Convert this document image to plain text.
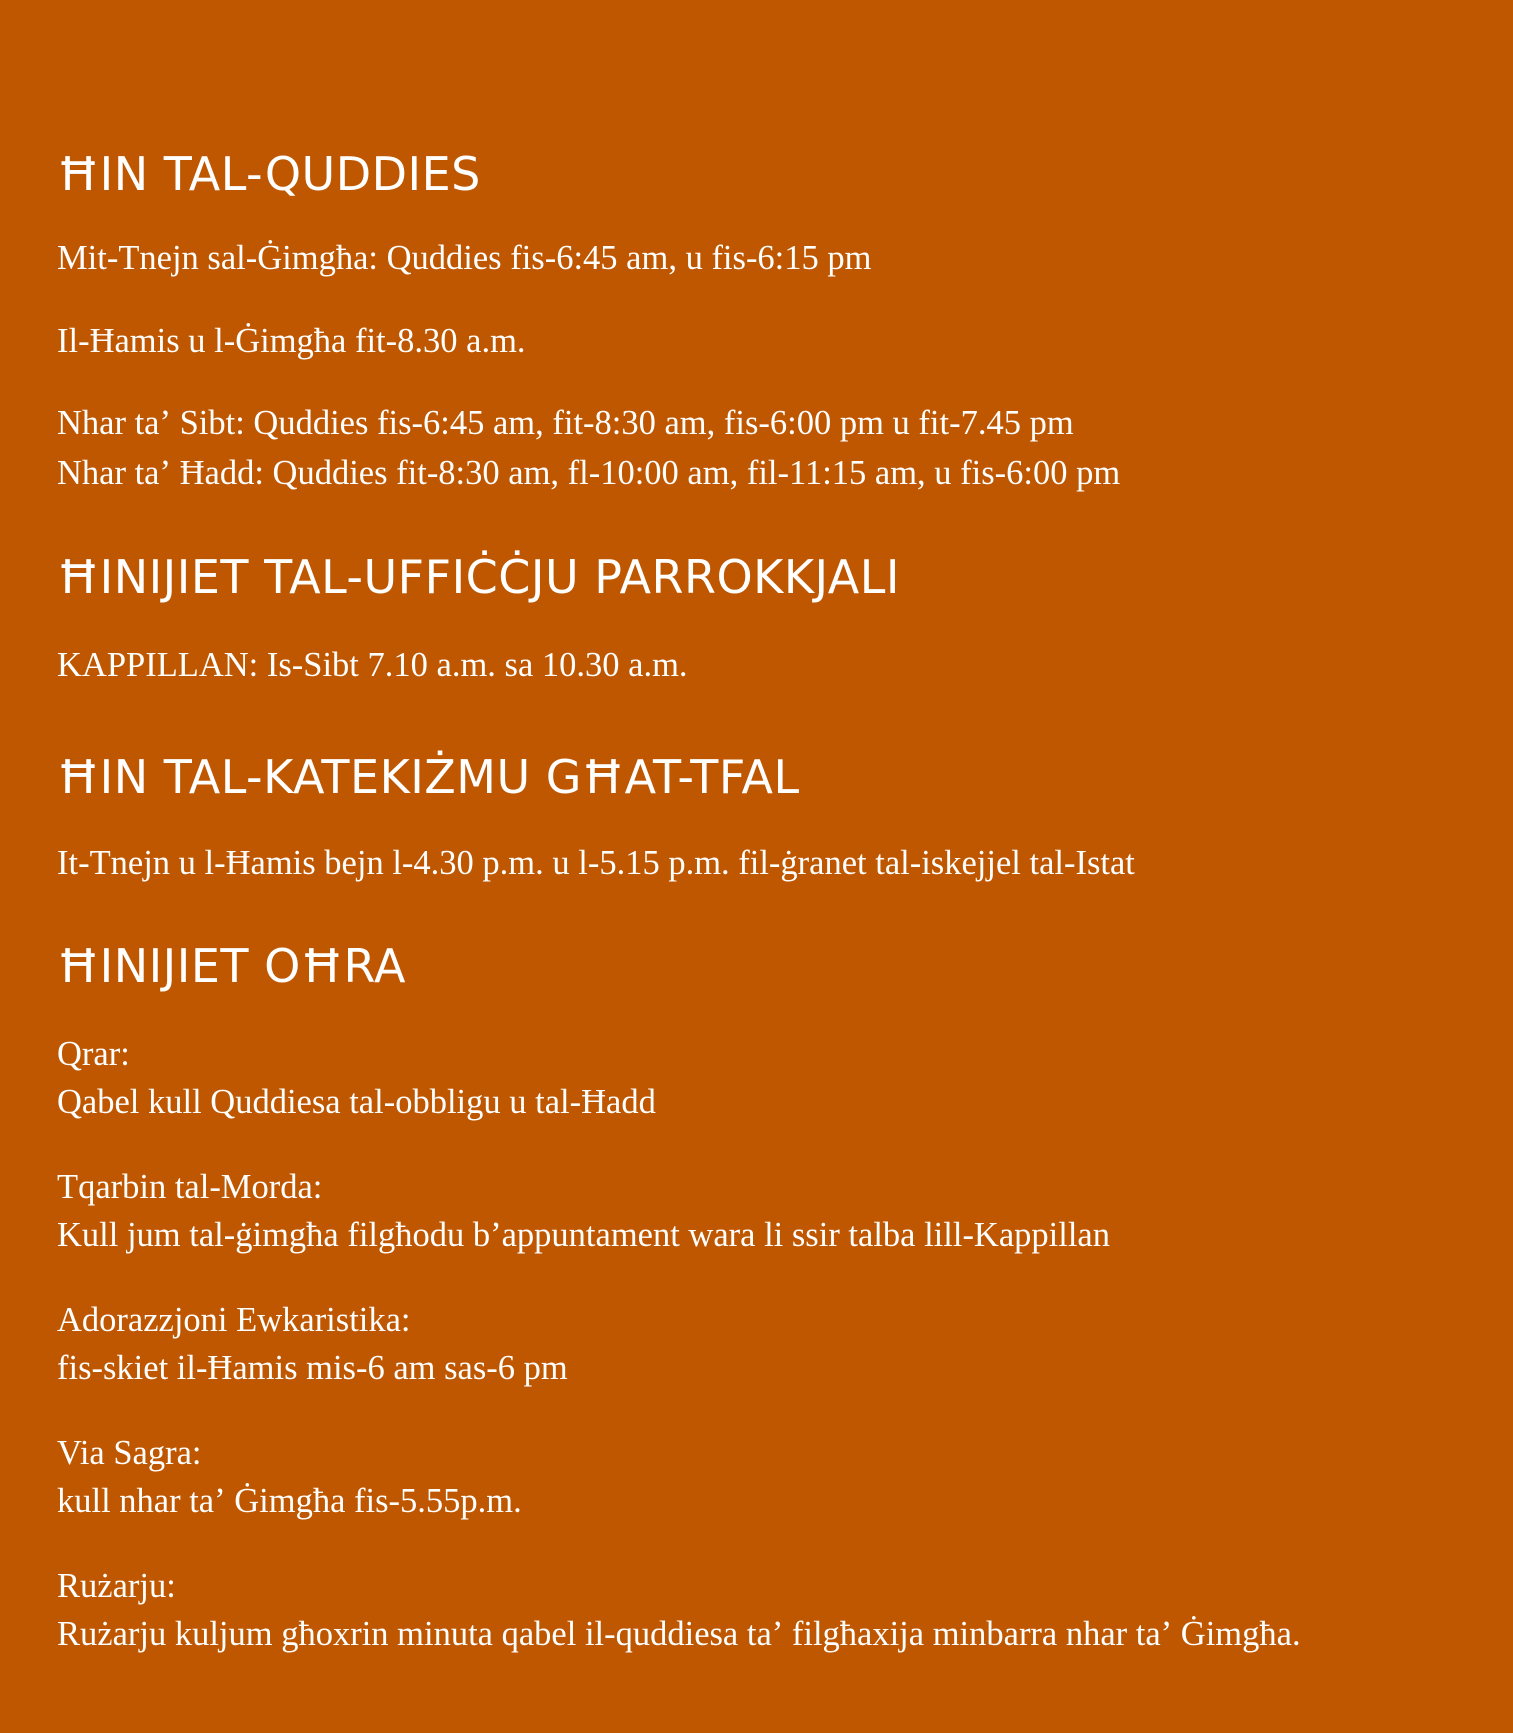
ĦIN TAL-QUDDIES

Mit-Tnejn sal-Ġimgħa: Quddies fis-6:45 am, u fis-6:15 pm

Il-Ħamis u l-Ġimgħa fit-8.30 a.m.

Nhar taʼ Sibt: Quddies fis-6:45 am, fit-8:30 am, fis-6:00 pm u fit-7.45 pm

Nhar taʼ Ħadd: Quddies fit-8:30 am, fl-10:00 am, fil-11:15 am, u fis-6:00 pm

ĦINIJIET TAL-UFFIĊĊJU PARROKKJALI

KAPPILLAN: Is-Sibt 7.10 a.m. sa 10.30 a.m.

ĦIN TAL-KATEKIŻMU GĦAT-TFAL

It-Tnejn u l-Ħamis bejn l-4.30 p.m. u l-5.15 p.m. fil-ġranet tal-iskejjel tal-Istat

ĦINIJIET OĦRA

Qrar:

Qabel kull Quddiesa tal-obbligu u tal-Ħadd

Tqarbin tal-Morda:

Kull jum tal-ġimgħa filgħodu bʼappuntament wara li ssir talba lill-Kappillan

Adorazzjoni Ewkaristika:

fis-skiet il-Ħamis mis-6 am sas-6 pm

Via Sagra:

kull nhar taʼ Ġimgħa fis-5.55p.m.

Rużarju:

Rużarju kuljum għoxrin minuta qabel il-quddiesa taʼ filgħaxija minbarra nhar taʼ Ġimgħa.
